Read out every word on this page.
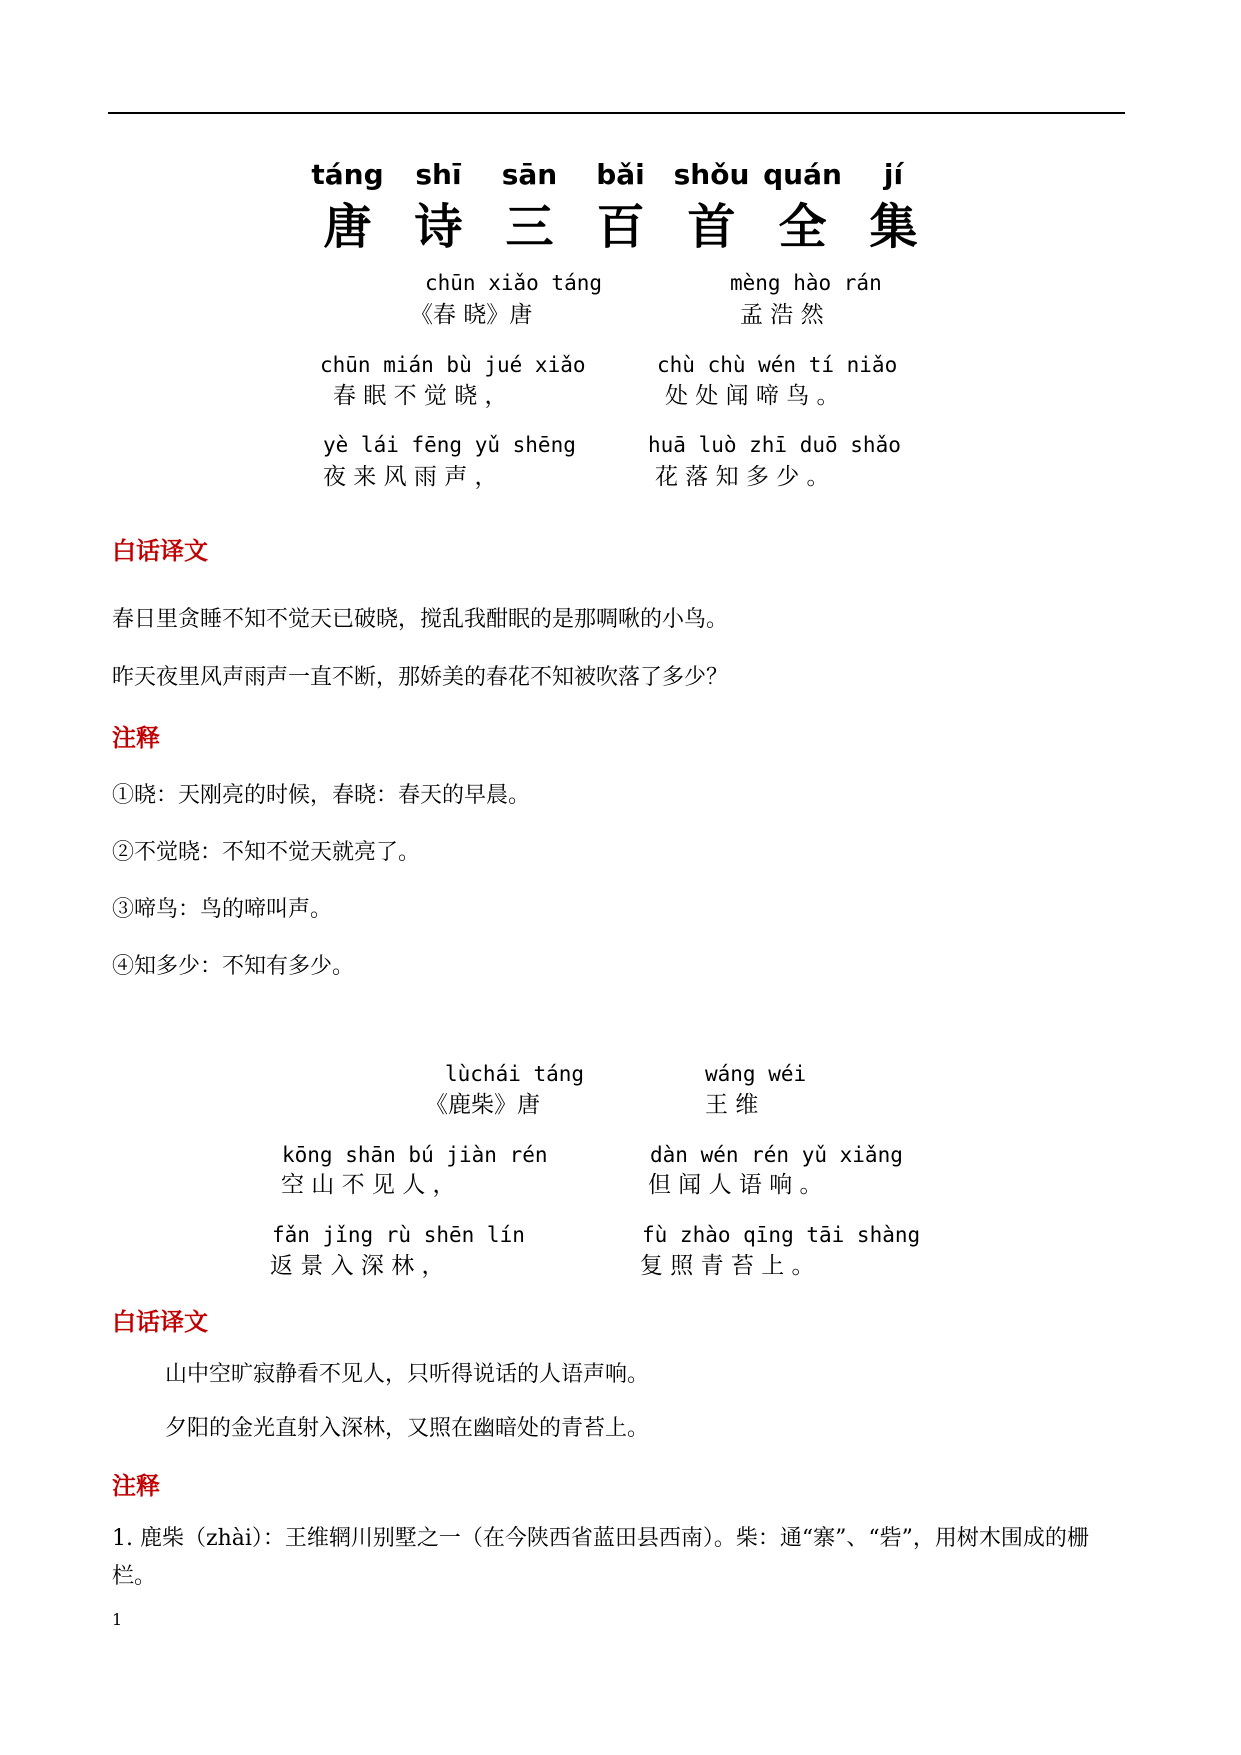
táng	shī	sān	bǎi	shǒu quán	jí
唐 诗 三 百 首 全 集
chūn xiǎo táng
《春 晓》唐
mèng hào rán
孟 浩 然
chūn mián bù jué xiǎo
春 眠 不 觉 晓 ，
chù chù wén tí niǎo
处 处 闻 啼 鸟 。
yè lái fēng yǔ shēng
夜 来 风 雨 声 ，
huā luò zhī duō shǎo
花 落 知 多 少 。
白话译文
春日里贪睡不知不觉天已破晓，搅乱我酣眠的是那啁啾的小鸟。
昨天夜里风声雨声一直不断，那娇美的春花不知被吹落了多少？
注释
①晓：天刚亮的时候，春晓：春天的早晨。
②不觉晓：不知不觉天就亮了。
③啼鸟：鸟的啼叫声。
④知多少：不知有多少。
lùchái táng
《鹿柴》唐
wáng wéi
王 维
kōng shān bú jiàn rén
空 山 不 见 人 ，
dàn wén rén yǔ xiǎng
但 闻 人 语 响 。
fǎn jǐng rù shēn lín
返 景 入 深 林 ，
fù zhào qīng tāi shàng
复 照 青 苔 上 。
白话译文
山中空旷寂静看不见人，只听得说话的人语声响。
夕阳的金光直射入深林，又照在幽暗处的青苔上。
注释
1. 鹿柴（zhài）：王维辋川别墅之一（在今陕西省蓝田县西南）。柴：通“寨”、“砦”，用树木围成的栅栏。
1
